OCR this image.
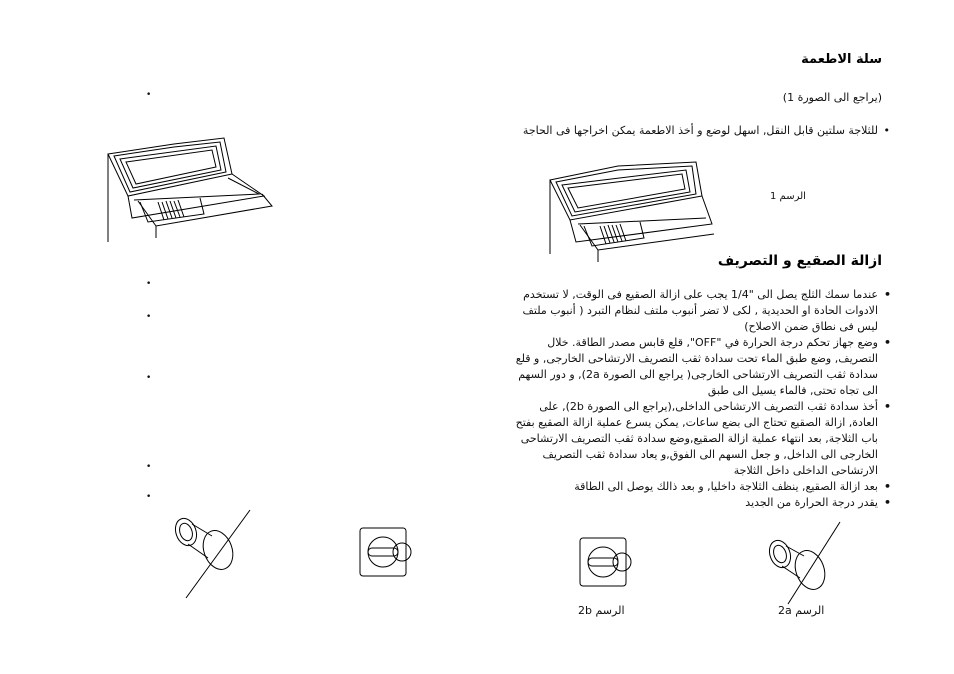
•
•
•
•
•
•
سلة الاطعمة
(يراجع الى الصورة 1)
• للثلاجة سلتين قابل النقل, اسهل لوضع و أخذ الاطعمة يمكن اخراجها فى الحاجة
الرسم 1
ازالة الصقيع و التصريف
• عندما سمك الثلج يصل الى "1/4 يجب على ازالة الصقيع فى الوقت, لا تستخدم الادوات الحادة او الحديدية , لكى لا تضر أنبوب ملتف لنظام التبرد ( أنبوب ملتف ليس فى نطاق ضمن الاصلاح)
• وضع جهاز تحكم درجة الحرارة في "OFF", قلع قابس مصدر الطاقة. خلال التصريف, وضع طبق الماء تحت سدادة ثقب التصريف الارتشاحى الخارجى, و قلع سدادة ثقب التصريف الارتشاحى الخارجى( يراجع الى الصورة 2a), و دور السهم الى تجاه تحتى, فالماء يسيل الى طبق
• أخذ سدادة ثقب التصريف الارتشاحى الداخلى,(يراجع الى الصورة 2b), على العادة, ازالة الصقيع تحتاج الى بضع ساعات, يمكن يسرع عملية ازالة الصقيع بفتح باب الثلاجة, بعد انتهاء عملية ازالة الصقيع,وضع سدادة ثقب التصريف الارتشاحى الخارجى الى الداخل, و جعل السهم الى الفوق,و يعاد سدادة ثقب التصريف الارتشاحى الداخلى داخل الثلاجة
• بعد ازالة الصقيع, ينظف الثلاجة داخليا, و بعد ذالك يوصل الى الطاقة
• يقدر درجة الحرارة من الجديد
الرسم 2b	الرسم 2a
